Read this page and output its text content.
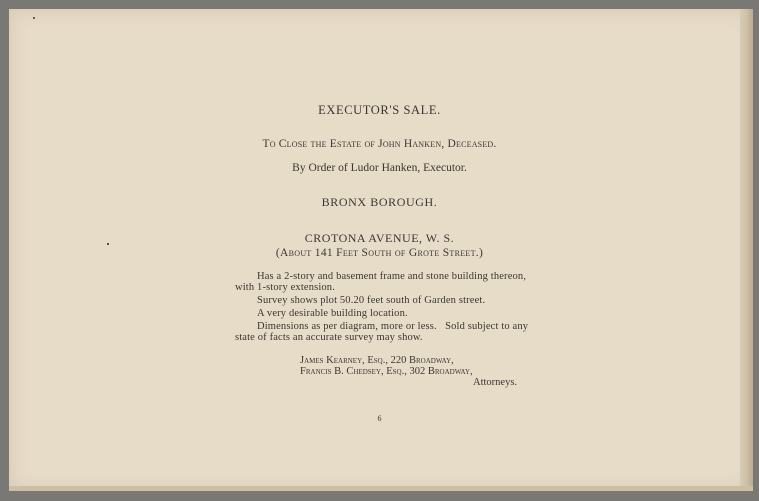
EXECUTOR'S SALE.
To Close the Estate of John Hanken, Deceased.
By Order of Ludor Hanken, Executor.
BRONX BOROUGH.
CROTONA AVENUE, W. S.
(About 141 Feet South of Grote Street.)
Has a 2-story and basement frame and stone building thereon,
with 1-story extension.
Survey shows plot 50.20 feet south of Garden street.
A very desirable building location.
Dimensions as per diagram, more or less.   Sold subject to any
state of facts an accurate survey may show.
James Kearney, Esq., 220 Broadway,
Francis B. Chedsey, Esq., 302 Broadway,
Attorneys.
6
